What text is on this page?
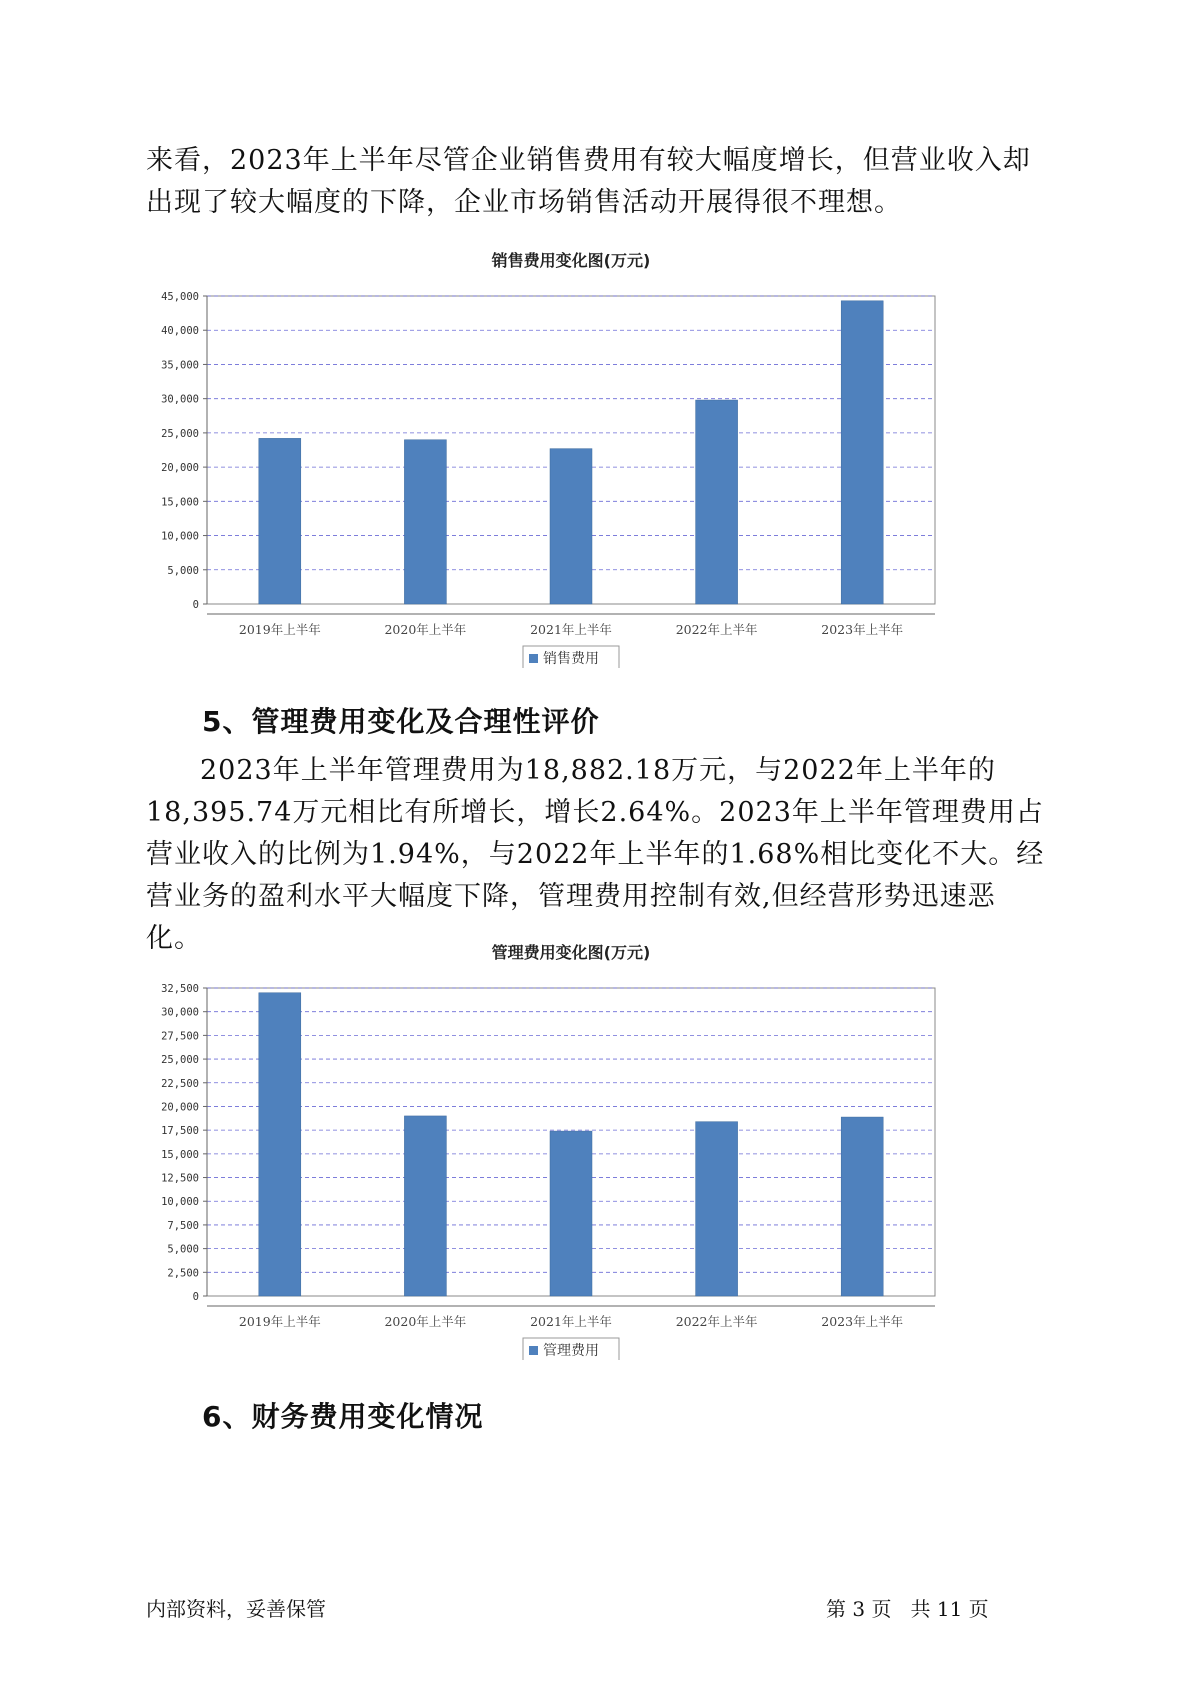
来看，2023年上半年尽管企业销售费用有较大幅度增长，但营业收入却出现了较大幅度的下降，企业市场销售活动开展得很不理想。

销售费用变化图(万元)
0
5,000
10,000
15,000
20,000
25,000
30,000
35,000
40,000
45,000
2019年上半年	2020年上半年	2021年上半年	2022年上半年	2023年上半年
销售费用
5、管理费用变化及合理性评价

2023年上半年管理费用为18,882.18万元，与2022年上半年的18,395.74万元相比有所增长，增长2.64%。2023年上半年管理费用占营业收入的比例为1.94%，与2022年上半年的1.68%相比变化不大。经营业务的盈利水平大幅度下降，管理费用控制有效,但经营形势迅速恶化。	管理费用变化图(万元)
0
2,500
5,000
7,500
10,000
12,500
15,000
17,500
20,000
22,500
25,000
27,500
30,000
32,500
2019年上半年	2020年上半年	2021年上半年	2022年上半年	2023年上半年
管理费用
6、财务费用变化情况
内部资料，妥善保管	第 3 页   共 11 页
